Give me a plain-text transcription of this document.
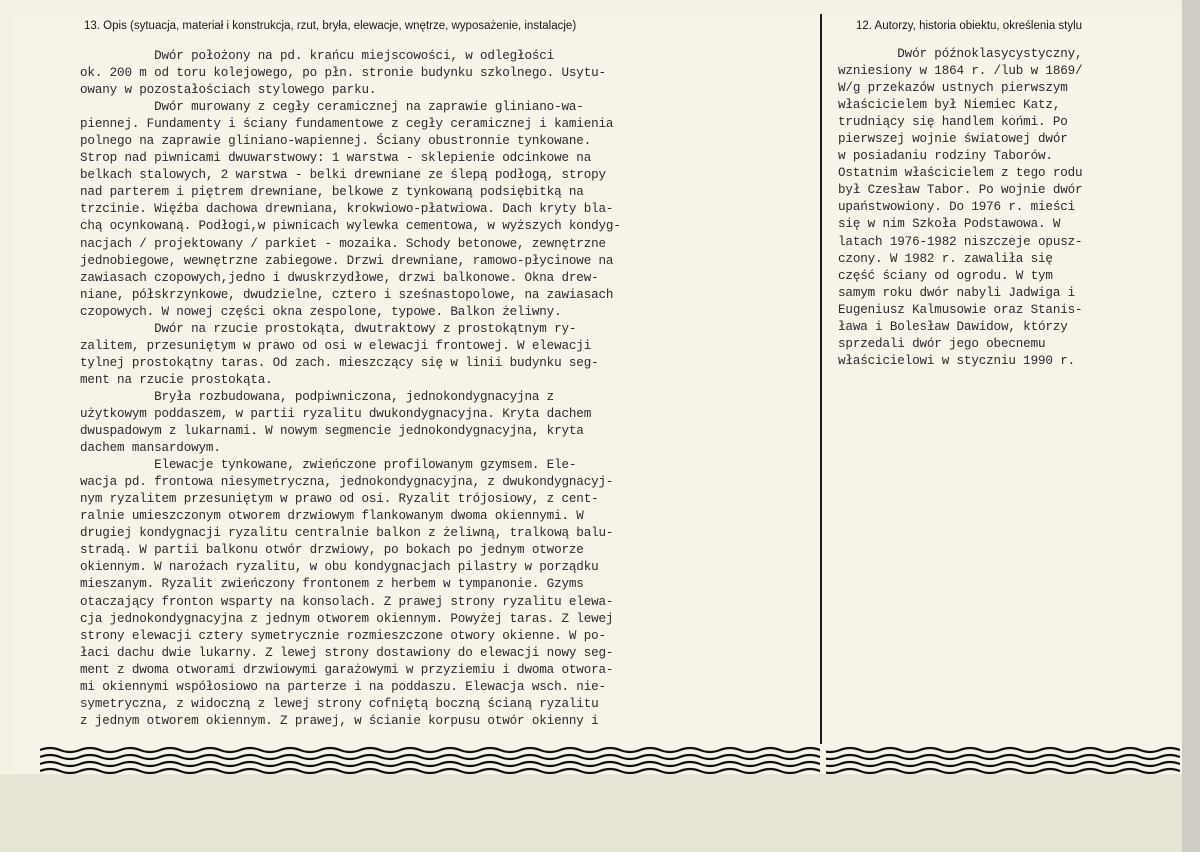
13. Opis (sytuacja, materiał i konstrukcja, rzut, bryła, elewacje, wnętrze, wyposażenie, instalacje)
Dwór położony na pd. krańcu miejscowości, w odległości
ok. 200 m od toru kolejowego, po płn. stronie budynku szkolnego. Usytu-
owany w pozostałościach stylowego parku.
Dwór murowany z cegły ceramicznej na zaprawie gliniano-wa-
piennej. Fundamenty i ściany fundamentowe z cegły ceramicznej i kamienia
polnego na zaprawie gliniano-wapiennej. Ściany obustronnie tynkowane.
Strop nad piwnicami dwuwarstwowy: 1 warstwa - sklepienie odcinkowe na
belkach stalowych, 2 warstwa - belki drewniane ze ślepą podłogą, stropy
nad parterem i piętrem drewniane, belkowe z tynkowaną podsiębitką na
trzcinie. Więźba dachowa drewniana, krokwiowo-płatwiowa. Dach kryty bla-
chą ocynkowaną. Podłogi,w piwnicach wylewka cementowa, w wyższych kondyg-
nacjach / projektowany / parkiet - mozaika. Schody betonowe, zewnętrzne
jednobiegowe, wewnętrzne zabiegowe. Drzwi drewniane, ramowo-płycinowe na
zawiasach czopowych,jedno i dwuskrzydłowe, drzwi balkonowe. Okna drew-
niane, półskrzynkowe, dwudzielne, cztero i sześnastopolowe, na zawiasach
czopowych. W nowej części okna zespolone, typowe. Balkon żeliwny.
Dwór na rzucie prostokąta, dwutraktowy z prostokątnym ry-
zalitem, przesuniętym w prawo od osi w elewacji frontowej. W elewacji
tylnej prostokątny taras. Od zach. mieszczący się w linii budynku seg-
ment na rzucie prostokąta.
Bryła rozbudowana, podpiwniczona, jednokondygnacyjna z
użytkowym poddaszem, w partii ryzalitu dwukondygnacyjna. Kryta dachem
dwuspadowym z lukarnami. W nowym segmencie jednokondygnacyjna, kryta
dachem mansardowym.
Elewacje tynkowane, zwieńczone profilowanym gzymsem. Ele-
wacja pd. frontowa niesymetryczna, jednokondygnacyjna, z dwukondygnacyj-
nym ryzalitem przesuniętym w prawo od osi. Ryzalit trójosiowy, z cent-
ralnie umieszczonym otworem drzwiowym flankowanym dwoma okiennymi. W
drugiej kondygnacji ryzalitu centralnie balkon z żeliwną, tralkową balu-
stradą. W partii balkonu otwór drzwiowy, po bokach po jednym otworze
okiennym. W narożach ryzalitu, w obu kondygnacjach pilastry w porządku
mieszanym. Ryzalit zwieńczony frontonem z herbem w tympanonie. Gzyms
otaczający fronton wsparty na konsolach. Z prawej strony ryzalitu elewa-
cja jednokondygnacyjna z jednym otworem okiennym. Powyżej taras. Z lewej
strony elewacji cztery symetrycznie rozmieszczone otwory okienne. W po-
łaci dachu dwie lukarny. Z lewej strony dostawiony do elewacji nowy seg-
ment z dwoma otworami drzwiowymi garażowymi w przyziemiu i dwoma otwora-
mi okiennymi współosiowo na parterze i na poddaszu. Elewacja wsch. nie-
symetryczna, z widoczną z lewej strony cofniętą boczną ścianą ryzalitu
z jednym otworem okiennym. Z prawej, w ścianie korpusu otwór okienny i
12. Autorzy, historia obiektu, określenia stylu
Dwór późnoklasycystyczny,
wzniesiony w 1864 r. /lub w 1869/
W/g przekazów ustnych pierwszym
właścicielem był Niemiec Katz,
trudniący się handlem końmi. Po
pierwszej wojnie światowej dwór
w posiadaniu rodziny Taborów.
Ostatnim właścicielem z tego rodu
był Czesław Tabor. Po wojnie dwór
upaństwowiony. Do 1976 r. mieści
się w nim Szkoła Podstawowa. W
latach 1976-1982 niszczeje opusz-
czony. W 1982 r. zawaliła się
część ściany od ogrodu. W tym
samym roku dwór nabyli Jadwiga i
Eugeniusz Kalmusowie oraz Stanis-
ława i Bolesław Dawidow, którzy
sprzedali dwór jego obecnemu
właścicielowi w styczniu 1990 r.
